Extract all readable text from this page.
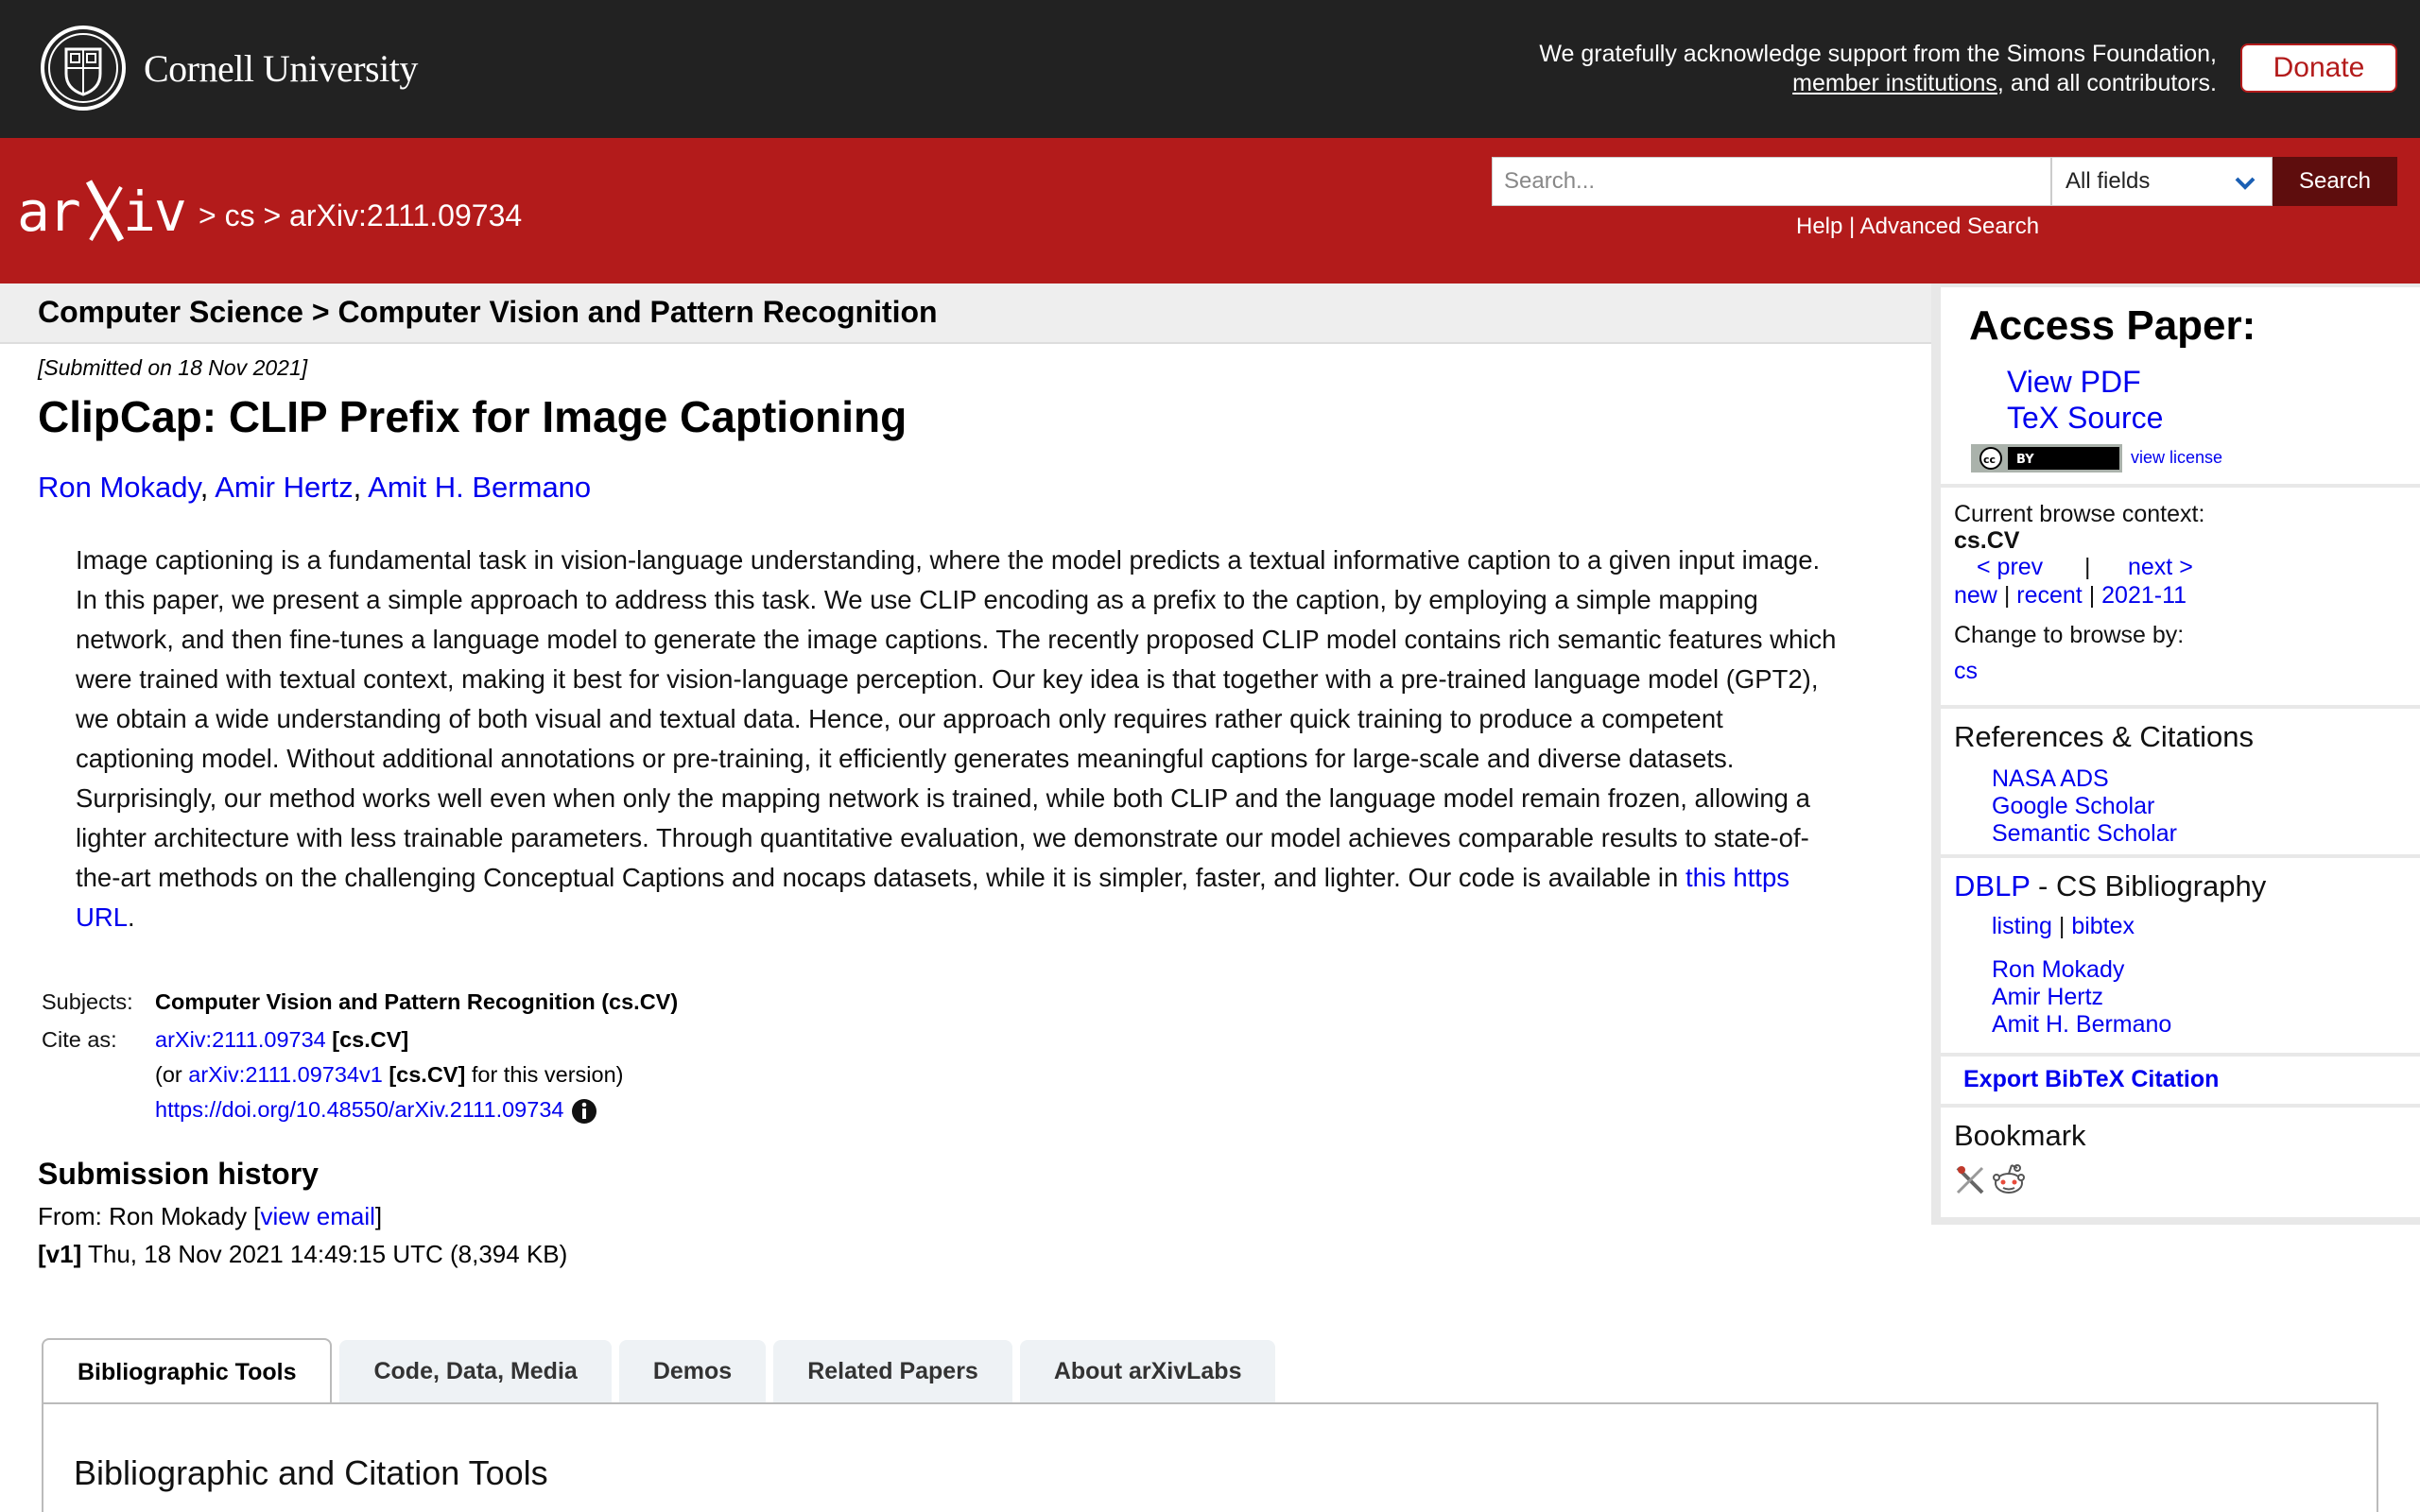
Cornell University	We gratefully acknowledge support from the Simons Foundation,
member institutions, and all contributors.	Donate
ar iv > cs > arXiv:2111.09734
Search...
All fields	Search
Help | Advanced Search
Computer Science > Computer Vision and Pattern Recognition
[Submitted on 18 Nov 2021]
ClipCap: CLIP Prefix for Image Captioning
Ron Mokady, Amir Hertz, Amit H. Bermano
Image captioning is a fundamental task in vision-language understanding, where the model predicts a textual informative caption to a given input image. In this paper, we present a simple approach to address this task. We use CLIP encoding as a prefix to the caption, by employing a simple mapping network, and then fine-tunes a language model to generate the image captions. The recently proposed CLIP model contains rich semantic features which were trained with textual context, making it best for vision-language perception. Our key idea is that together with a pre-trained language model (GPT2), we obtain a wide understanding of both visual and textual data. Hence, our approach only requires rather quick training to produce a competent captioning model. Without additional annotations or pre-training, it efficiently generates meaningful captions for large-scale and diverse datasets. Surprisingly, our method works well even when only the mapping network is trained, while both CLIP and the language model remain frozen, allowing a lighter architecture with less trainable parameters. Through quantitative evaluation, we demonstrate our model achieves comparable results to state-of-the-art methods on the challenging Conceptual Captions and nocaps datasets, while it is simpler, faster, and lighter. Our code is available in this https URL.
Subjects: Computer Vision and Pattern Recognition (cs.CV)
Cite as:	arXiv:2111.09734 [cs.CV]
(or arXiv:2111.09734v1 [cs.CV] for this version)
https://doi.org/10.48550/arXiv.2111.09734
Submission history
From: Ron Mokady [view email]
[v1] Thu, 18 Nov 2021 14:49:15 UTC (8,394 KB)
Bibliographic Tools	Code, Data, Media	Demos	Related Papers	About arXivLabs
Bibliographic and Citation Tools
Access Paper:
View PDF
TeX Source
cc BY	view license
Current browse context:
cs.CV
< prev | next >
new | recent | 2021-11
Change to browse by:
cs
References & Citations
NASA ADS
Google Scholar
Semantic Scholar
DBLP - CS Bibliography
listing | bibtex
Ron Mokady
Amir Hertz
Amit H. Bermano
Export BibTeX Citation
Bookmark
